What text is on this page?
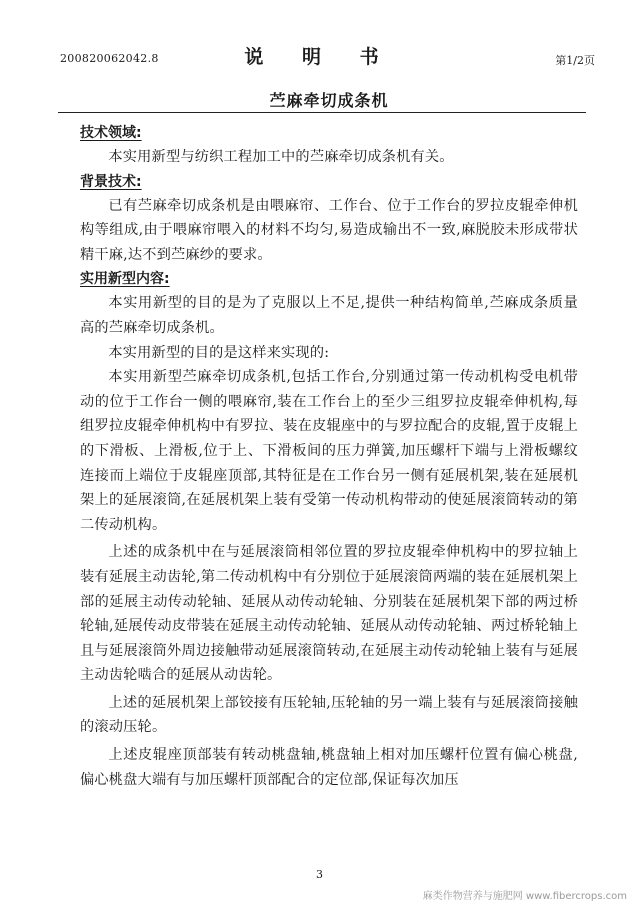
200820062042.8	说 明 书	第1/2页
苎麻牵切成条机
技术领域:

本实用新型与纺织工程加工中的苎麻牵切成条机有关。

背景技术:

已有苎麻牵切成条机是由喂麻帘、工作台、位于工作台的罗拉皮辊牵伸机构等组成,由于喂麻帘喂入的材料不均匀,易造成输出不一致,麻脱胶未形成带状精干麻,达不到苎麻纱的要求。

实用新型内容:

本实用新型的目的是为了克服以上不足,提供一种结构简单,苎麻成条质量高的苎麻牵切成条机。

本实用新型的目的是这样来实现的:

本实用新型苎麻牵切成条机,包括工作台,分别通过第一传动机构受电机带动的位于工作台一侧的喂麻帘,装在工作台上的至少三组罗拉皮辊牵伸机构,每组罗拉皮辊牵伸机构中有罗拉、装在皮辊座中的与罗拉配合的皮辊,置于皮辊上的下滑板、上滑板,位于上、下滑板间的压力弹簧,加压螺杆下端与上滑板螺纹连接而上端位于皮辊座顶部,其特征是在工作台另一侧有延展机架,装在延展机架上的延展滚筒,在延展机架上装有受第一传动机构带动的使延展滚筒转动的第二传动机构。

上述的成条机中在与延展滚筒相邻位置的罗拉皮辊牵伸机构中的罗拉轴上装有延展主动齿轮,第二传动机构中有分别位于延展滚筒两端的装在延展机架上部的延展主动传动轮轴、延展从动传动轮轴、分别装在延展机架下部的两过桥轮轴,延展传动皮带装在延展主动传动轮轴、延展从动传动轮轴、两过桥轮轴上且与延展滚筒外周边接触带动延展滚筒转动,在延展主动传动轮轴上装有与延展主动齿轮啮合的延展从动齿轮。

上述的延展机架上部铰接有压轮轴,压轮轴的另一端上装有与延展滚筒接触的滚动压轮。

上述皮辊座顶部装有转动桃盘轴,桃盘轴上相对加压螺杆位置有偏心桃盘,偏心桃盘大端有与加压螺杆顶部配合的定位部,保证每次加压

3
麻类作物营养与施肥网 www.fibercrops.com
